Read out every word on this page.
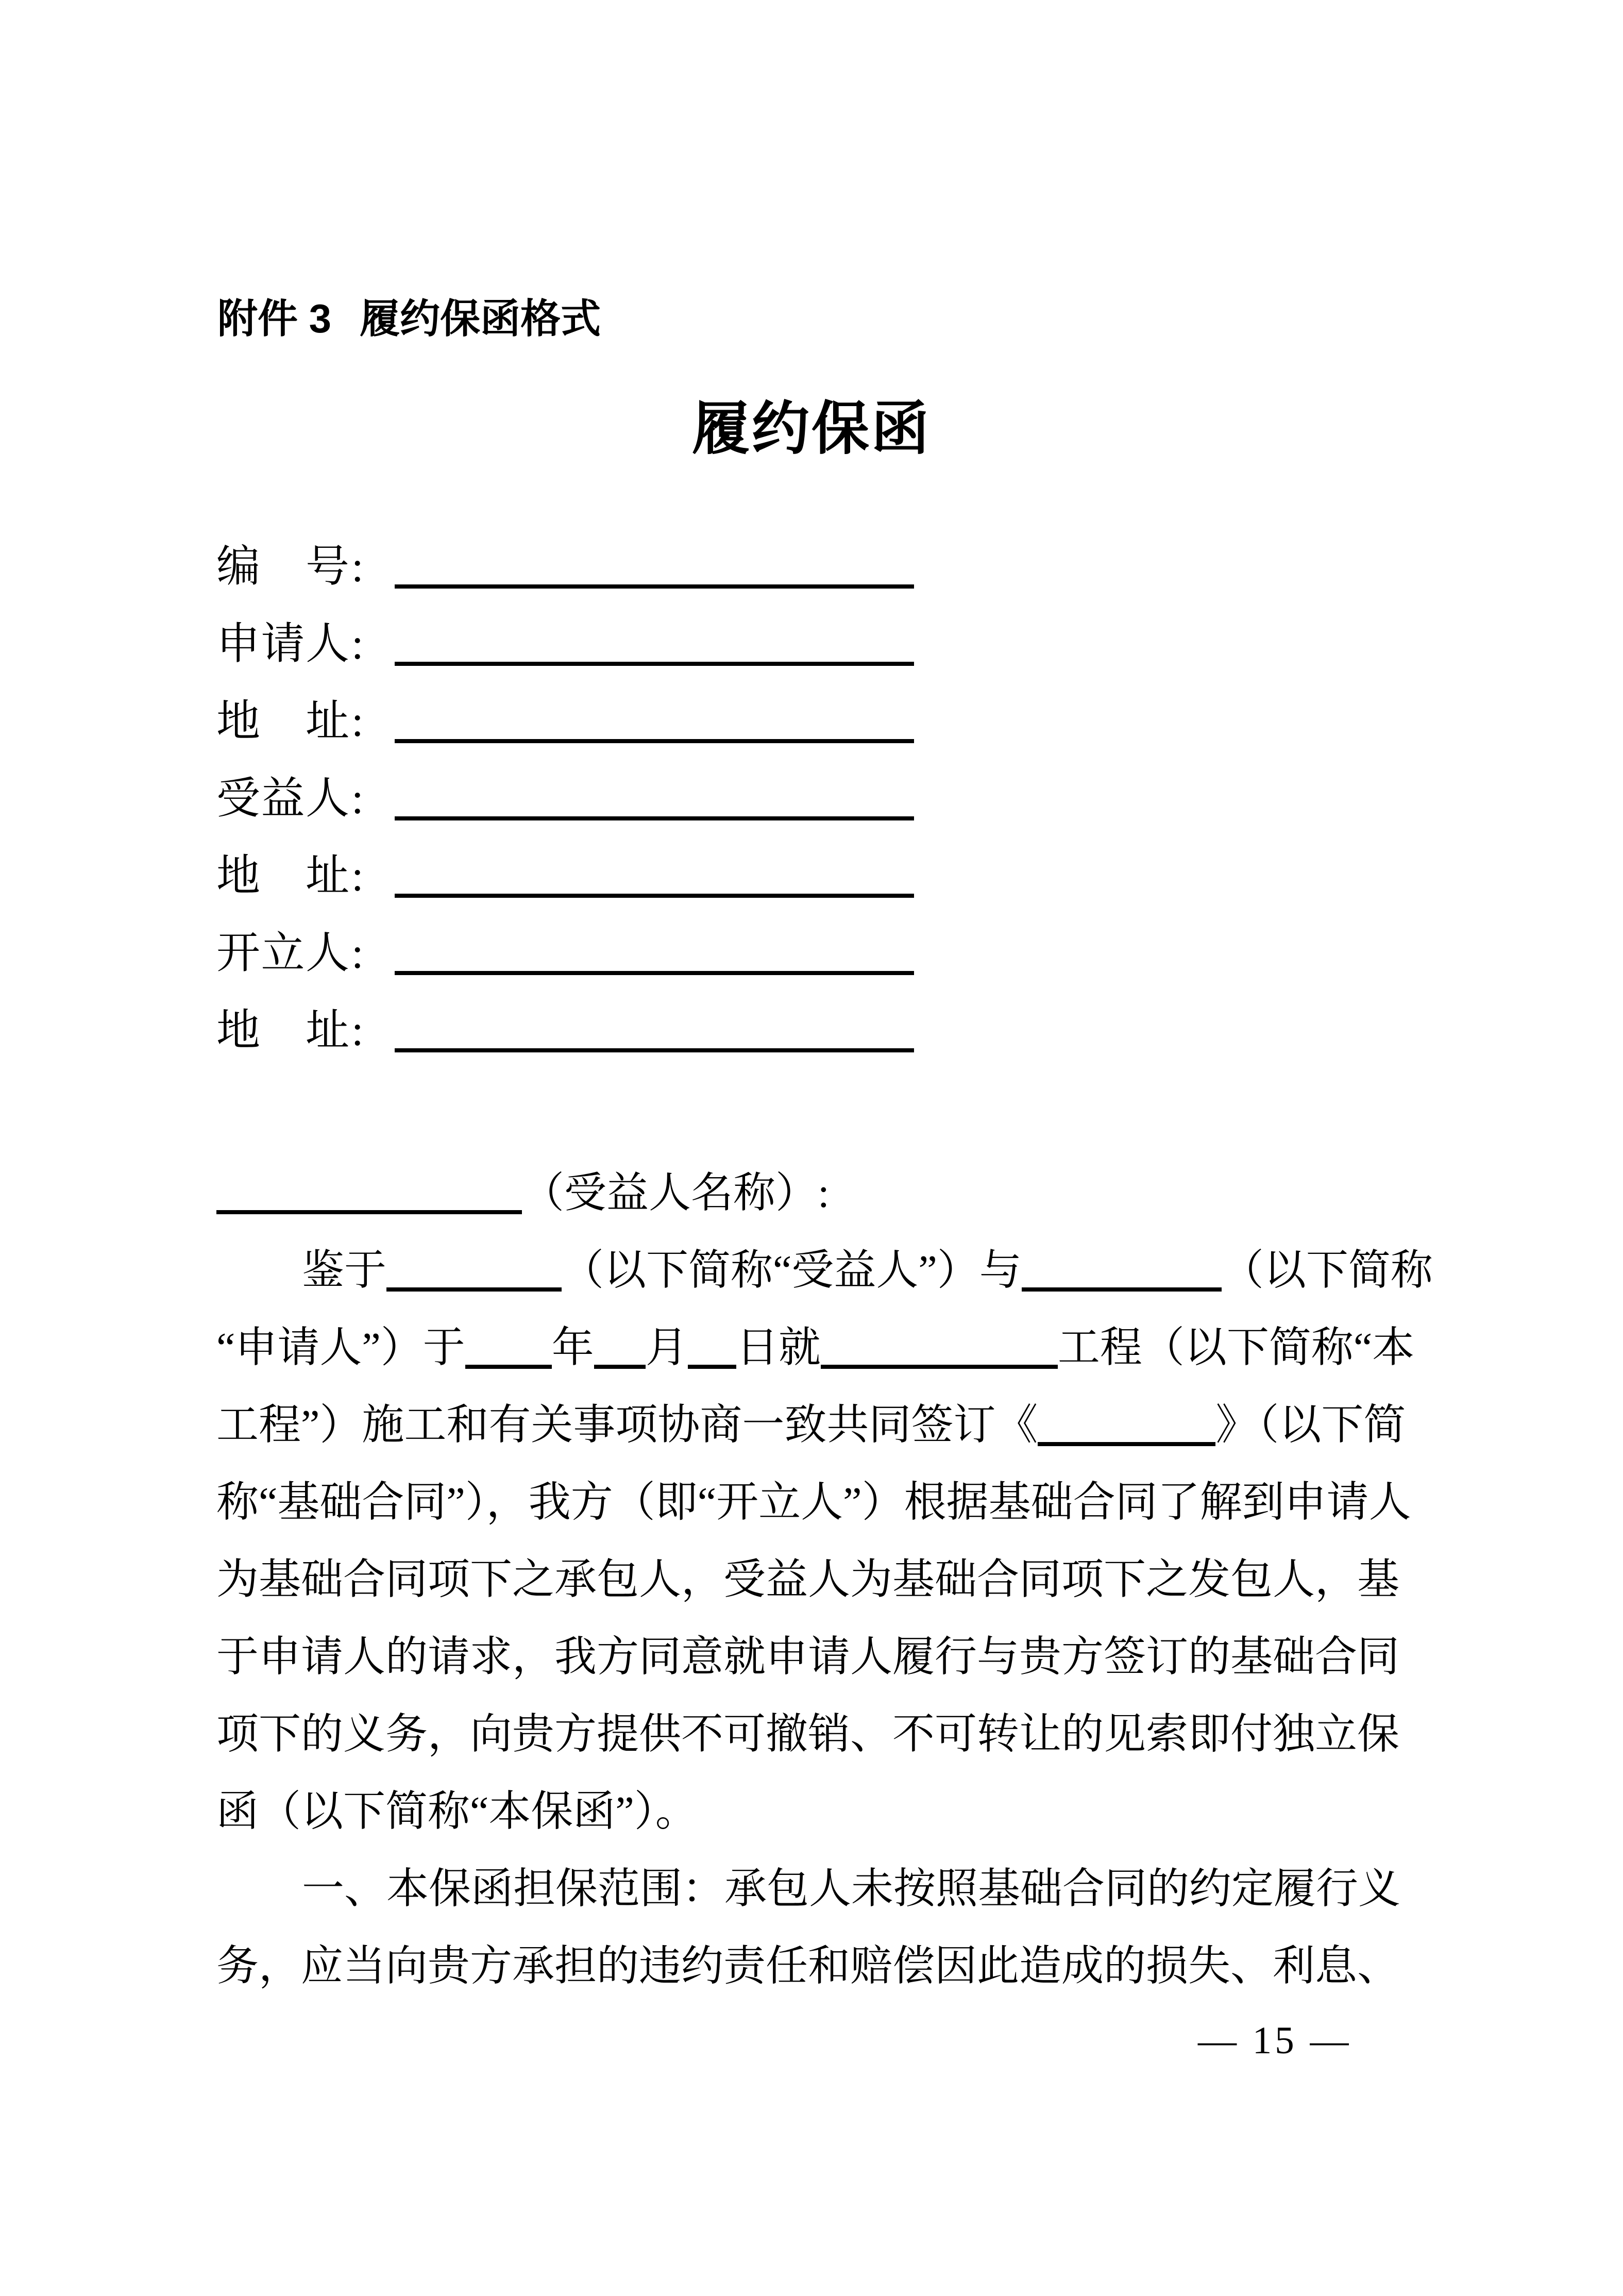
附件 3 履约保函格式
履约保函
编号:
申请人:
地址:
受益人:
地址:
开立人:
地址:
（受益人名称）:
鉴于	（以下简称“受益人”）与	（以下简称
“申请人”）于 年 月 日就	工程（以下简称“本
工程”）施工和有关事项协商一致共同签订《	》（以下简
称“基础合同”），我方（即“开立人”）根据基础合同了解到申请人
为基础合同项下之承包人，受益人为基础合同项下之发包人，基
于申请人的请求，我方同意就申请人履行与贵方签订的基础合同
项下的义务，向贵方提供不可撤销、不可转让的见索即付独立保
函（以下简称“本保函”）。
一、本保函担保范围：承包人未按照基础合同的约定履行义
务，应当向贵方承担的违约责任和赔偿因此造成的损失、利息、
— 15 —
